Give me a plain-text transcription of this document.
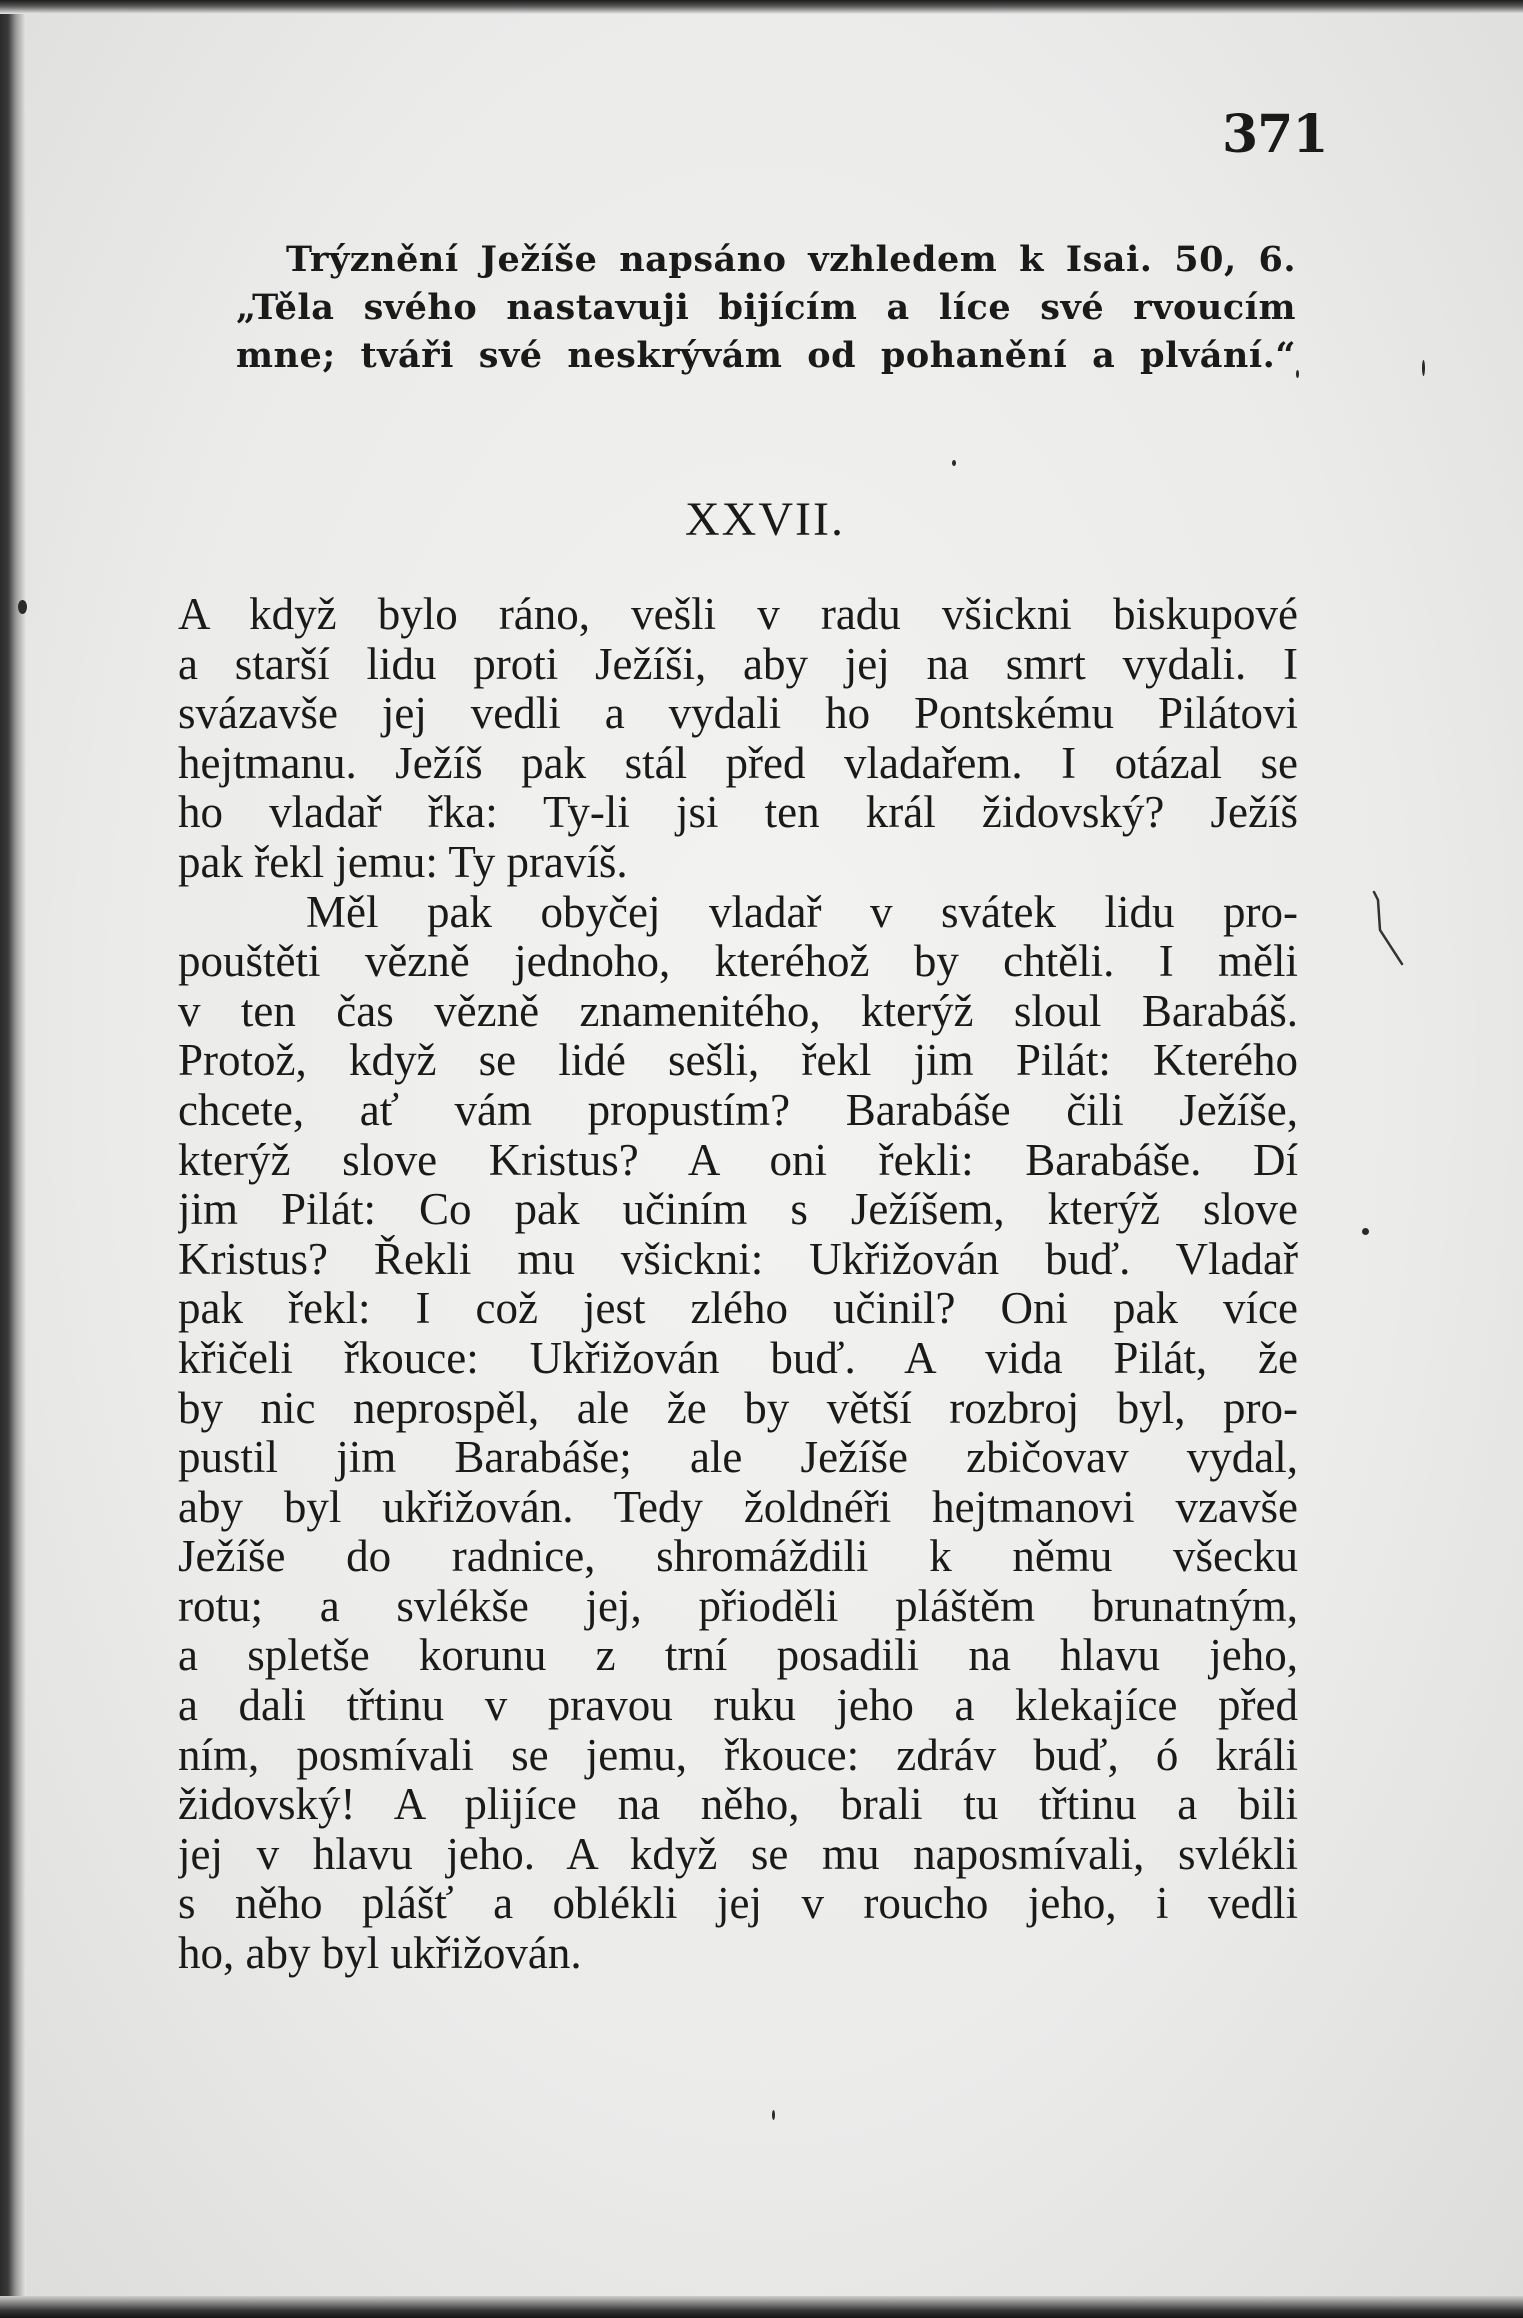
371
Trýznění Ježíše napsáno vzhledem k Isai. 50, 6.
„Těla svého nastavuji bijícím a líce své rvoucím
mne; tváři své neskrývám od pohanění a plvání.“
XXVII.
A když bylo ráno, vešli v radu všickni biskupové
a starší lidu proti Ježíši, aby jej na smrt vydali. I
svázavše jej vedli a vydali ho Pontskému Pilátovi
hejtmanu. Ježíš pak stál před vladařem. I otázal se
ho vladař řka: Ty-li jsi ten král židovský? Ježíš
pak řekl jemu: Ty pravíš.
Měl pak obyčej vladař v svátek lidu pro-
pouštěti vězně jednoho, kteréhož by chtěli. I měli
v ten čas vězně znamenitého, kterýž sloul Barabáš.
Protož, když se lidé sešli, řekl jim Pilát: Kterého
chcete, ať vám propustím? Barabáše čili Ježíše,
kterýž slove Kristus? A oni řekli: Barabáše. Dí
jim Pilát: Co pak učiním s Ježíšem, kterýž slove
Kristus? Řekli mu všickni: Ukřižován buď. Vladař
pak řekl: I což jest zlého učinil? Oni pak více
křičeli řkouce: Ukřižován buď. A vida Pilát, že
by nic neprospěl, ale že by větší rozbroj byl, pro-
pustil jim Barabáše; ale Ježíše zbičovav vydal,
aby byl ukřižován. Tedy žoldnéři hejtmanovi vzavše
Ježíše do radnice, shromáždili k němu všecku
rotu; a svlékše jej, přioděli pláštěm brunatným,
a spletše korunu z trní posadili na hlavu jeho,
a dali třtinu v pravou ruku jeho a klekajíce před
ním, posmívali se jemu, řkouce: zdráv buď, ó králi
židovský! A plijíce na něho, brali tu třtinu a bili
jej v hlavu jeho. A když se mu naposmívali, svlékli
s něho plášť a oblékli jej v roucho jeho, i vedli
ho, aby byl ukřižován.
